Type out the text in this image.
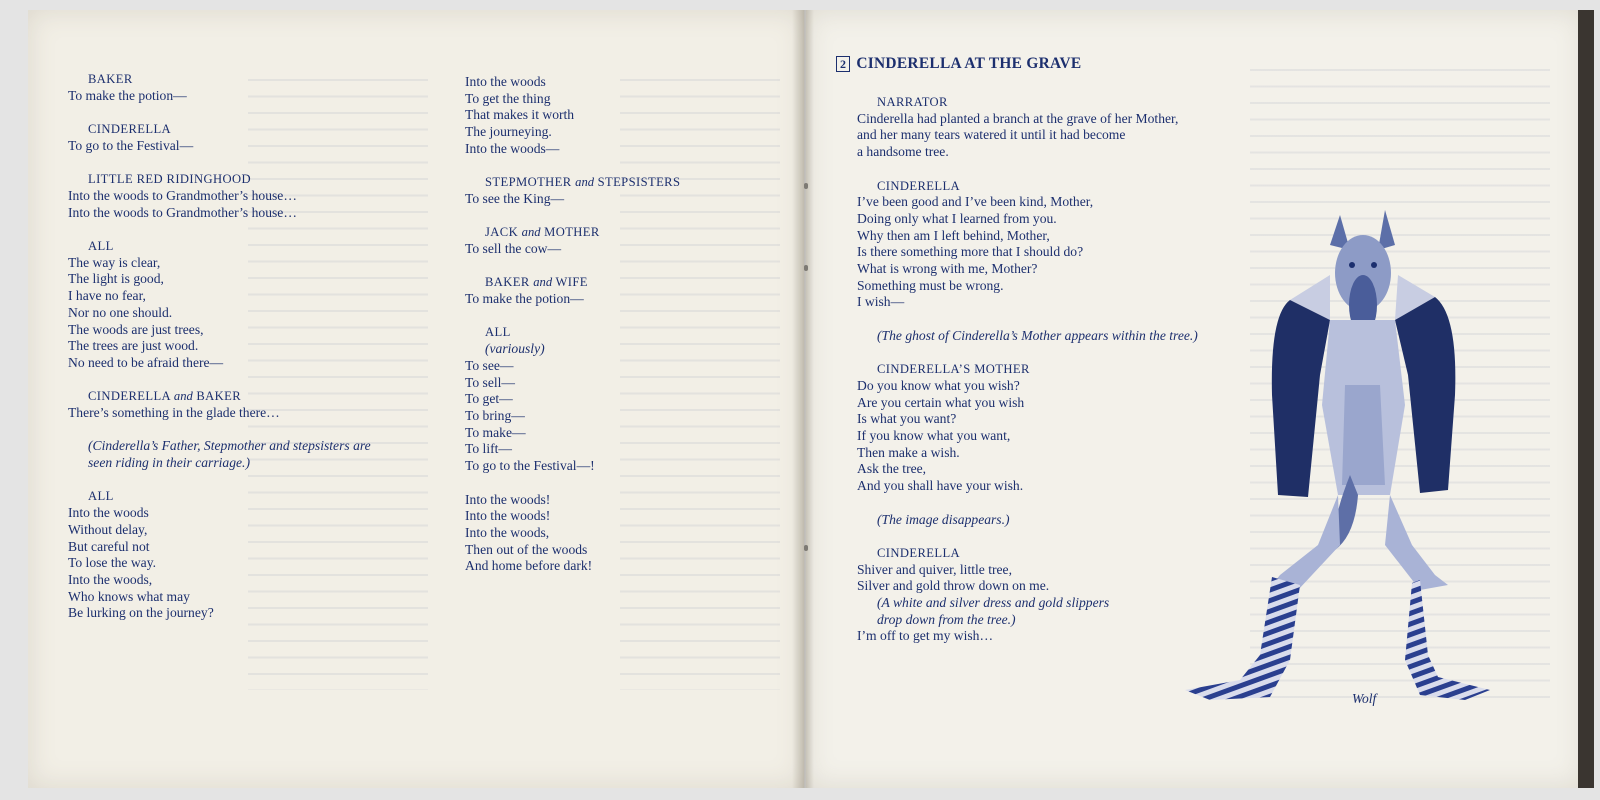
BAKER
To make the potion—
CINDERELLA
To go to the Festival—
LITTLE RED RIDINGHOOD
Into the woods to Grandmother’s house…
Into the woods to Grandmother’s house…
ALL
The way is clear,
The light is good,
I have no fear,
Nor no one should.
The woods are just trees,
The trees are just wood.
No need to be afraid there—
CINDERELLA and BAKER
There’s something in the glade there…
(Cinderella’s Father, Stepmother and stepsisters are
seen riding in their carriage.)
ALL
Into the woods
Without delay,
But careful not
To lose the way.
Into the woods,
Who knows what may
Be lurking on the journey?
Into the woods
To get the thing
That makes it worth
The journeying.
Into the woods—
STEPMOTHER and STEPSISTERS
To see the King—
JACK and MOTHER
To sell the cow—
BAKER and WIFE
To make the potion—
ALL
(variously)
To see—
To sell—
To get—
To bring—
To make—
To lift—
To go to the Festival—!
Into the woods!
Into the woods!
Into the woods,
Then out of the woods
And home before dark!
2 CINDERELLA AT THE GRAVE
NARRATOR
Cinderella had planted a branch at the grave of her Mother,
and her many tears watered it until it had become
a handsome tree.
CINDERELLA
I’ve been good and I’ve been kind, Mother,
Doing only what I learned from you.
Why then am I left behind, Mother,
Is there something more that I should do?
What is wrong with me, Mother?
Something must be wrong.
I wish—
(The ghost of Cinderella’s Mother appears within the tree.)
CINDERELLA’S MOTHER
Do you know what you wish?
Are you certain what you wish
Is what you want?
If you know what you want,
Then make a wish.
Ask the tree,
And you shall have your wish.
(The image disappears.)
CINDERELLA
Shiver and quiver, little tree,
Silver and gold throw down on me.
(A white and silver dress and gold slippers
drop down from the tree.)
I’m off to get my wish…
Wolf
